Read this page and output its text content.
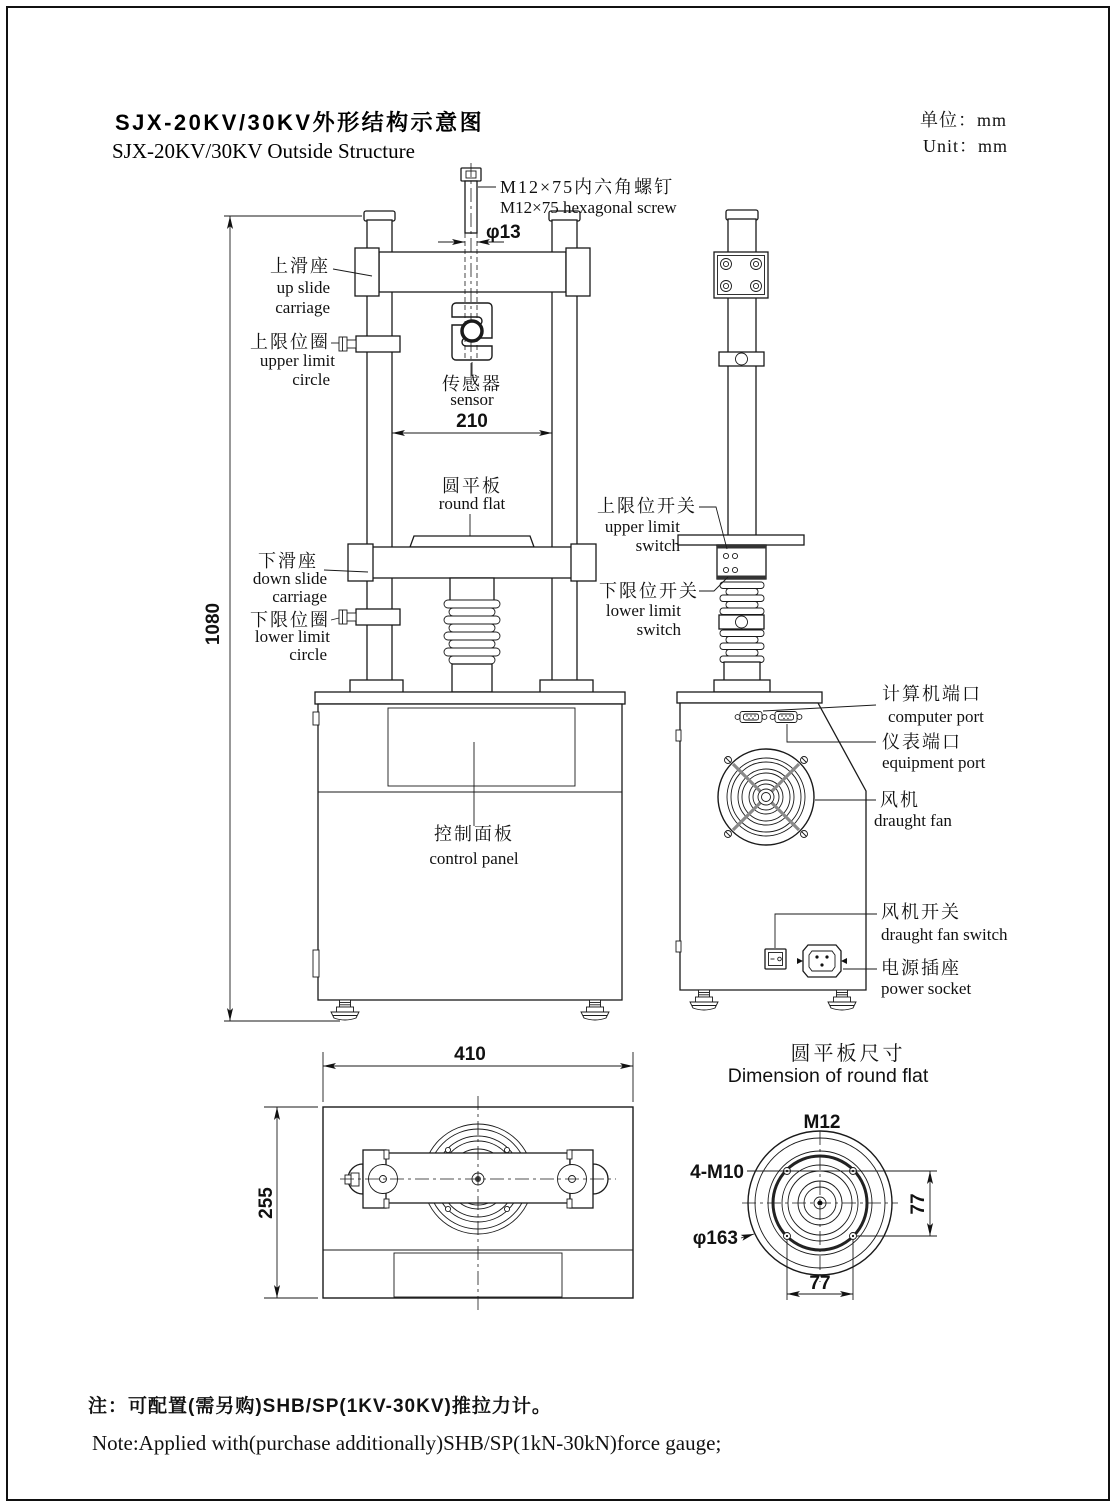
SJX-20KV/30KV外形结构示意图
SJX-20KV/30KV Outside Structure
单位：mm
Unit：mm
1080
传感器
sensor
M12×75内六角螺钉
M12×75 hexagonal screw
φ13
210
圆平板
round flat
控制面板
control panel
上滑座
up slide
carriage
上限位圈
upper limit
circle
下滑座
down slide
carriage
下限位圈
lower limit
circle
上限位开关
upper limit
switch
下限位开关
lower limit
switch
计算机端口
computer port
仪表端口
equipment port
风机
draught fan
风机开关
draught fan switch
电源插座
power socket
410
255
圆平板尺寸
Dimension of round flat
M12
4-M10
φ163
77
77
注：可配置(需另购)SHB/SP(1KV-30KV)推拉力计。
Note:Applied with(purchase additionally)SHB/SP(1kN-30kN)force gauge;
